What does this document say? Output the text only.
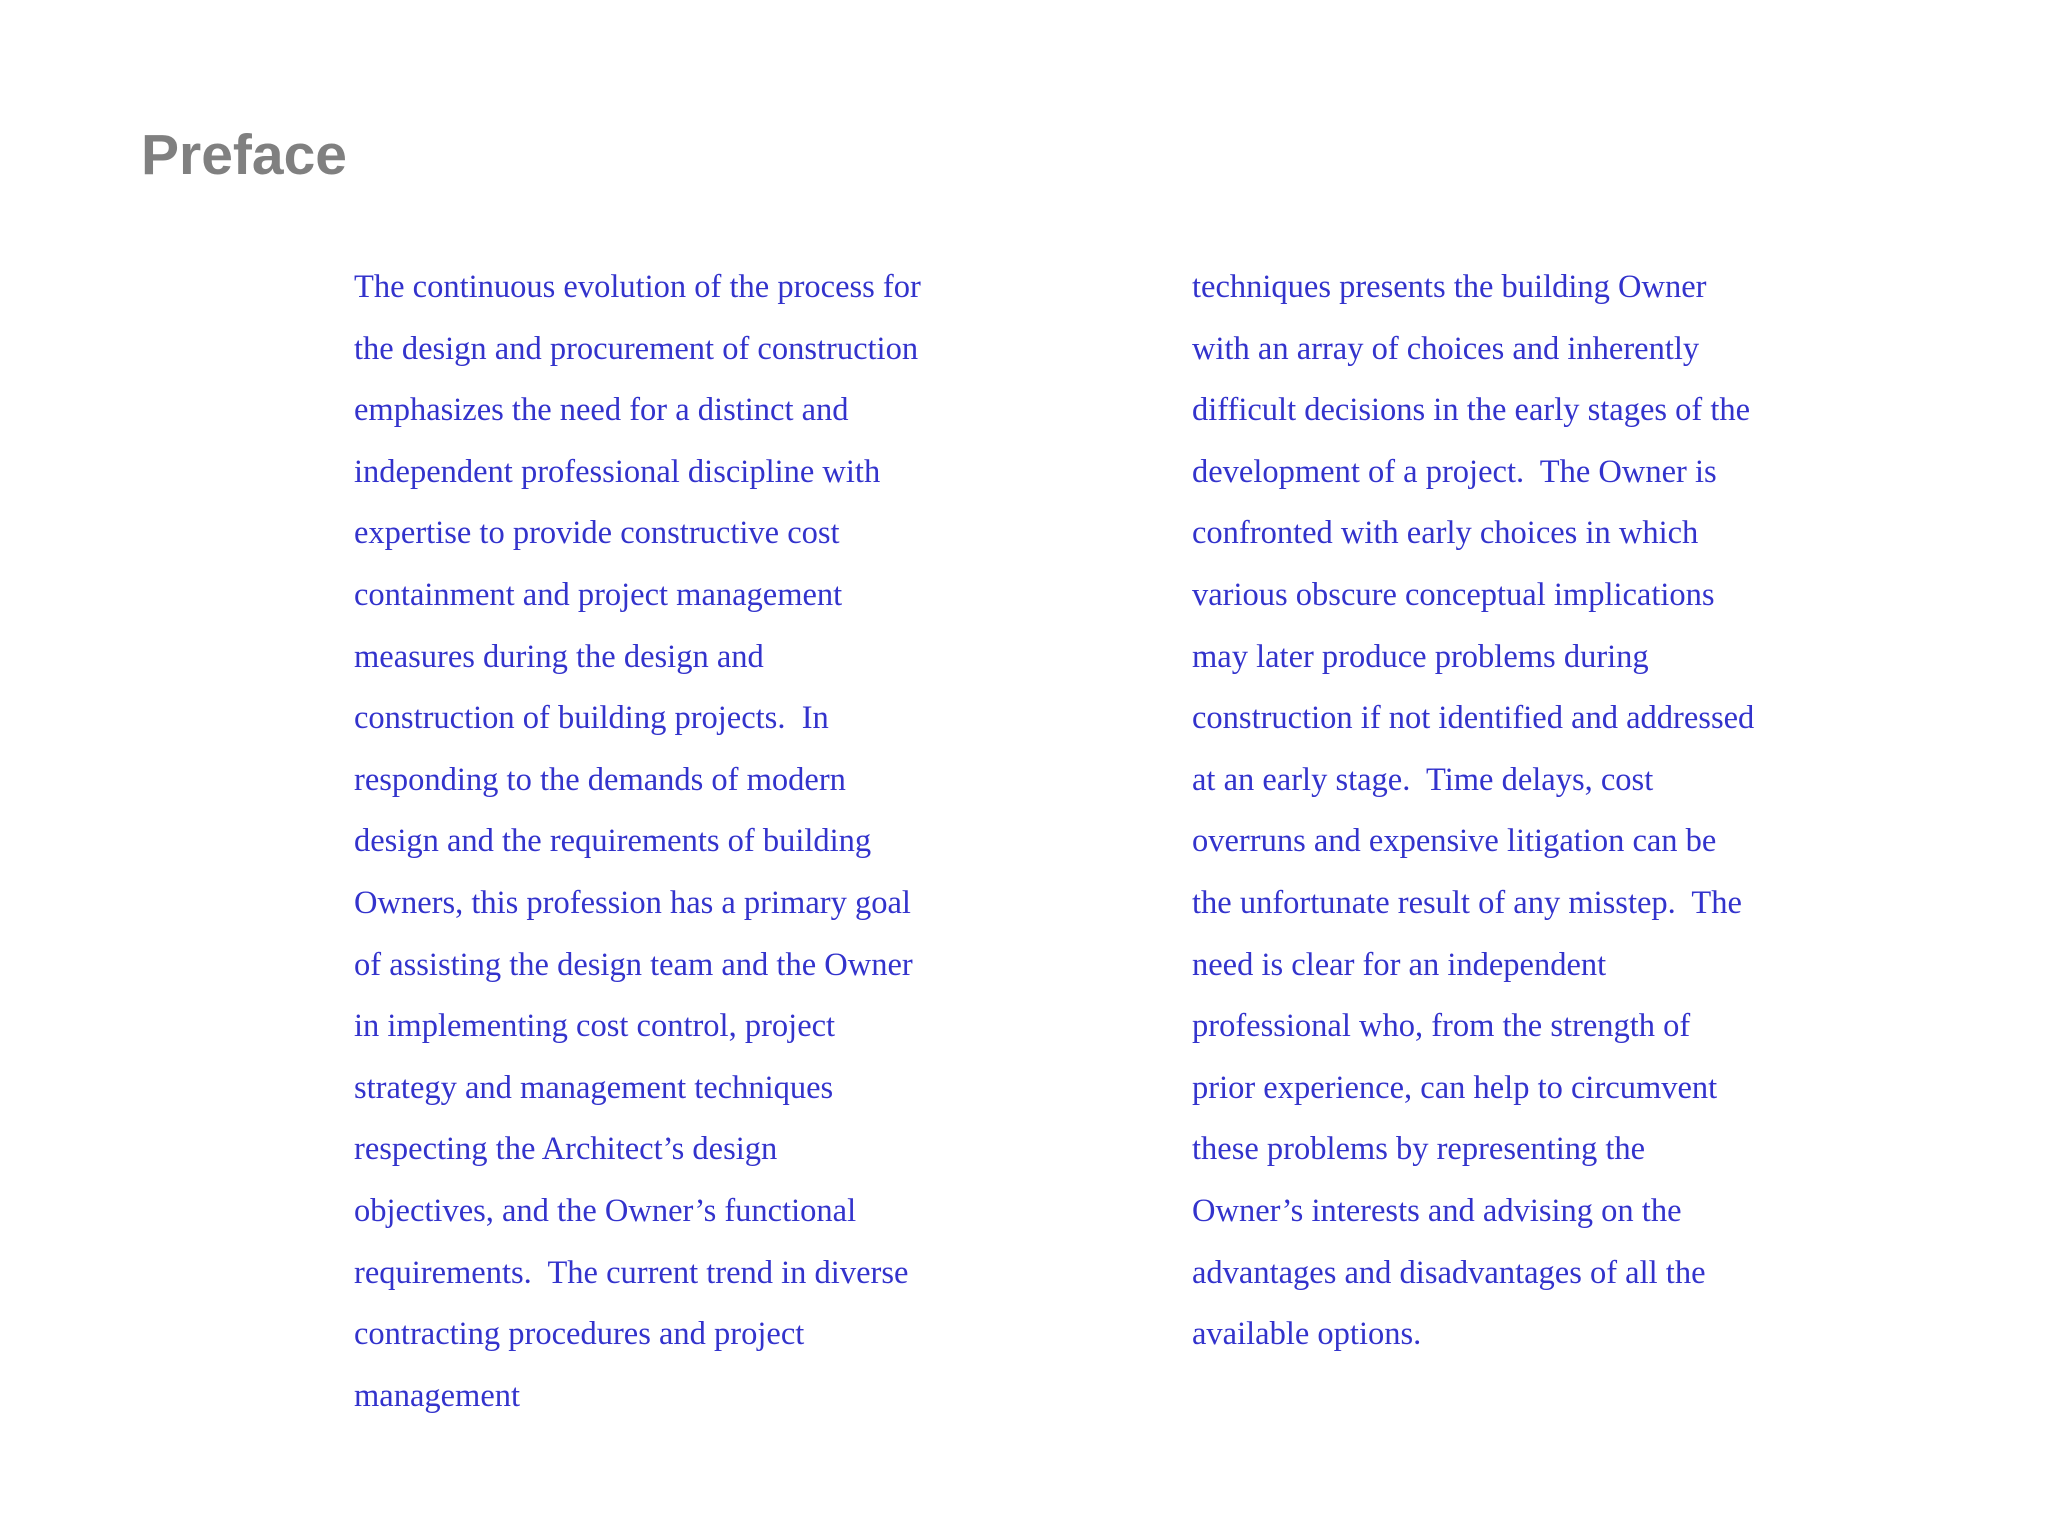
Preface
The continuous evolution of the process for
the design and procurement of construction
emphasizes the need for a distinct and
independent professional discipline with
expertise to provide constructive cost
containment and project management
measures during the design and
construction of building projects.  In
responding to the demands of modern
design and the requirements of building
Owners, this profession has a primary goal
of assisting the design team and the Owner
in implementing cost control, project
strategy and management techniques
respecting the Architect’s design
objectives, and the Owner’s functional
requirements.  The current trend in diverse
contracting procedures and project
management
techniques presents the building Owner
with an array of choices and inherently
difficult decisions in the early stages of the
development of a project.  The Owner is
confronted with early choices in which
various obscure conceptual implications
may later produce problems during
construction if not identified and addressed
at an early stage.  Time delays, cost
overruns and expensive litigation can be
the unfortunate result of any misstep.  The
need is clear for an independent
professional who, from the strength of
prior experience, can help to circumvent
these problems by representing the
Owner’s interests and advising on the
advantages and disadvantages of all the
available options.
